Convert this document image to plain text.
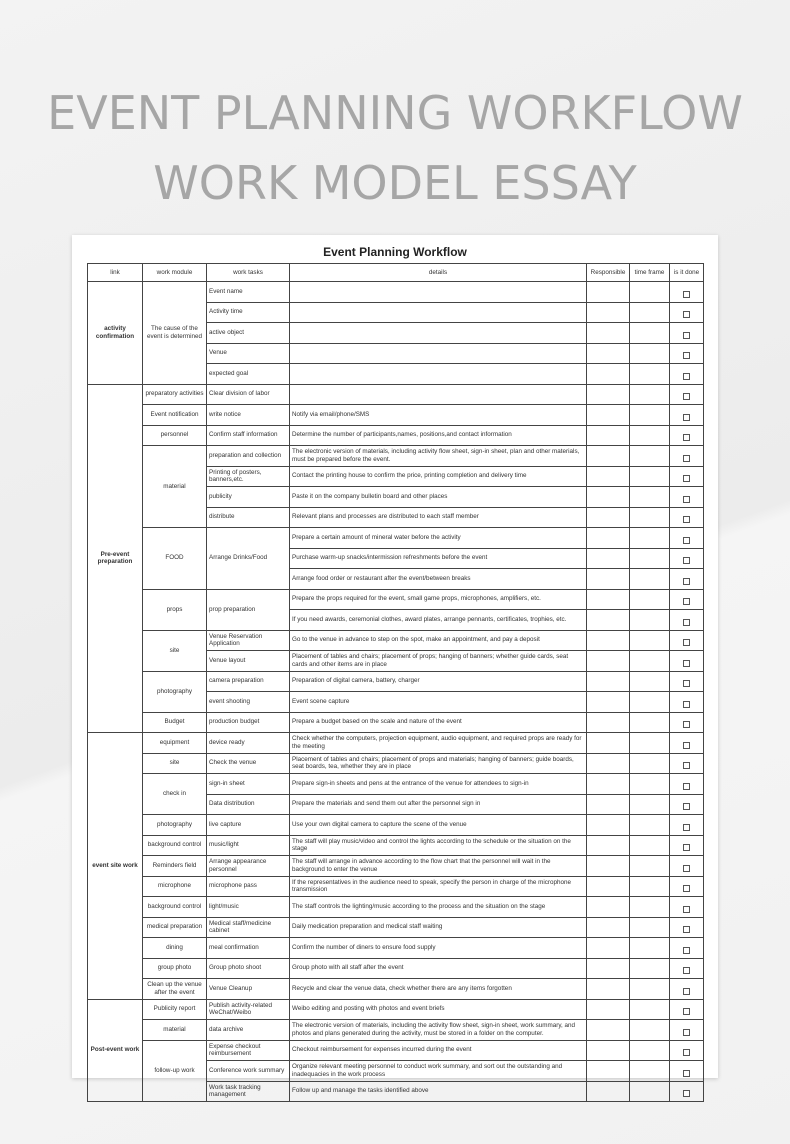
EVENT PLANNING WORKFLOW
WORK MODEL ESSAY
Event Planning Workflow
link	work module	work tasks	details	Responsible	time frame	is it done
activity confirmation	The cause of the event is determined	Event name				
		Activity time				
		active object				
		Venue				
		expected goal				
Pre-event preparation	preparatory activities	Clear division of labor				
	Event notification	write notice	Notify via email/phone/SMS			
	personnel	Confirm staff information	Determine the number of participants,names, positions,and contact information			
	material	preparation and collection	The electronic version of materials, including activity flow sheet, sign-in sheet, plan and other materials, must be prepared before the event.			
		Printing of posters, banners,etc.	Contact the printing house to confirm the price, printing completion and delivery time			
		publicity	Paste it on the company bulletin board and other places			
		distribute	Relevant plans and processes are distributed to each staff member			
	FOOD	Arrange Drinks/Food	Prepare a certain amount of mineral water before the activity			
			Purchase warm-up snacks/intermission refreshments before the event			
			Arrange food order or restaurant after the event/between breaks			
	props	prop preparation	Prepare the props required for the event, small game props, microphones, amplifiers, etc.			
			If you need awards, ceremonial clothes, award plates, arrange pennants, certificates, trophies, etc.			
	site	Venue Reservation Application	Go to the venue in advance to step on the spot, make an appointment, and pay a deposit			
		Venue layout	Placement of tables and chairs; placement of props; hanging of banners; whether guide cards, seat cards and other items are in place			
	photography	camera preparation	Preparation of digital camera, battery, charger			
		event shooting	Event scene capture			
	Budget	production budget	Prepare a budget based on the scale and nature of the event			
event site work	equipment	device ready	Check whether the computers, projection equipment, audio equipment, and required props are ready for the meeting			
	site	Check the venue	Placement of tables and chairs; placement of props and materials; hanging of banners; guide boards, seat boards, tea, whether they are in place			
	check in	sign-in sheet	Prepare sign-in sheets and pens at the entrance of the venue for attendees to sign-in			
		Data distribution	Prepare the materials and send them out after the personnel sign in			
	photography	live capture	Use your own digital camera to capture the scene of the venue			
	background control	music/light	The staff will play music/video and control the lights according to the schedule or the situation on the stage			
	Reminders field	Arrange appearance personnel	The staff will arrange in advance according to the flow chart that the personnel will wait in the background to enter the venue			
	microphone	microphone pass	If the representatives in the audience need to speak, specify the person in charge of the microphone transmission			
	background control	light/music	The staff controls the lighting/music according to the process and the situation on the stage			
	medical preparation	Medical staff/medicine cabinet	Daily medication preparation and medical staff waiting			
	dining	meal confirmation	Confirm the number of diners to ensure food supply			
	group photo	Group photo shoot	Group photo with all staff after the event			
	Clean up the venue after the event	Venue Cleanup	Recycle and clear the venue data, check whether there are any items forgotten			
Post-event work	Publicity report	Publish activity-related WeChat/Weibo	Weibo editing and posting with photos and event briefs			
	material	data archive	The electronic version of materials, including the activity flow sheet, sign-in sheet, work summary, and photos and plans generated during the activity, must be stored in a folder on the computer.			
	follow-up work	Expense checkout reimbursement	Checkout reimbursement for expenses incurred during the event			
		Conference work summary	Organize relevant meeting personnel to conduct work summary, and sort out the outstanding and inadequacies in the work process			
		Work task tracking management	Follow up and manage the tasks identified above			
